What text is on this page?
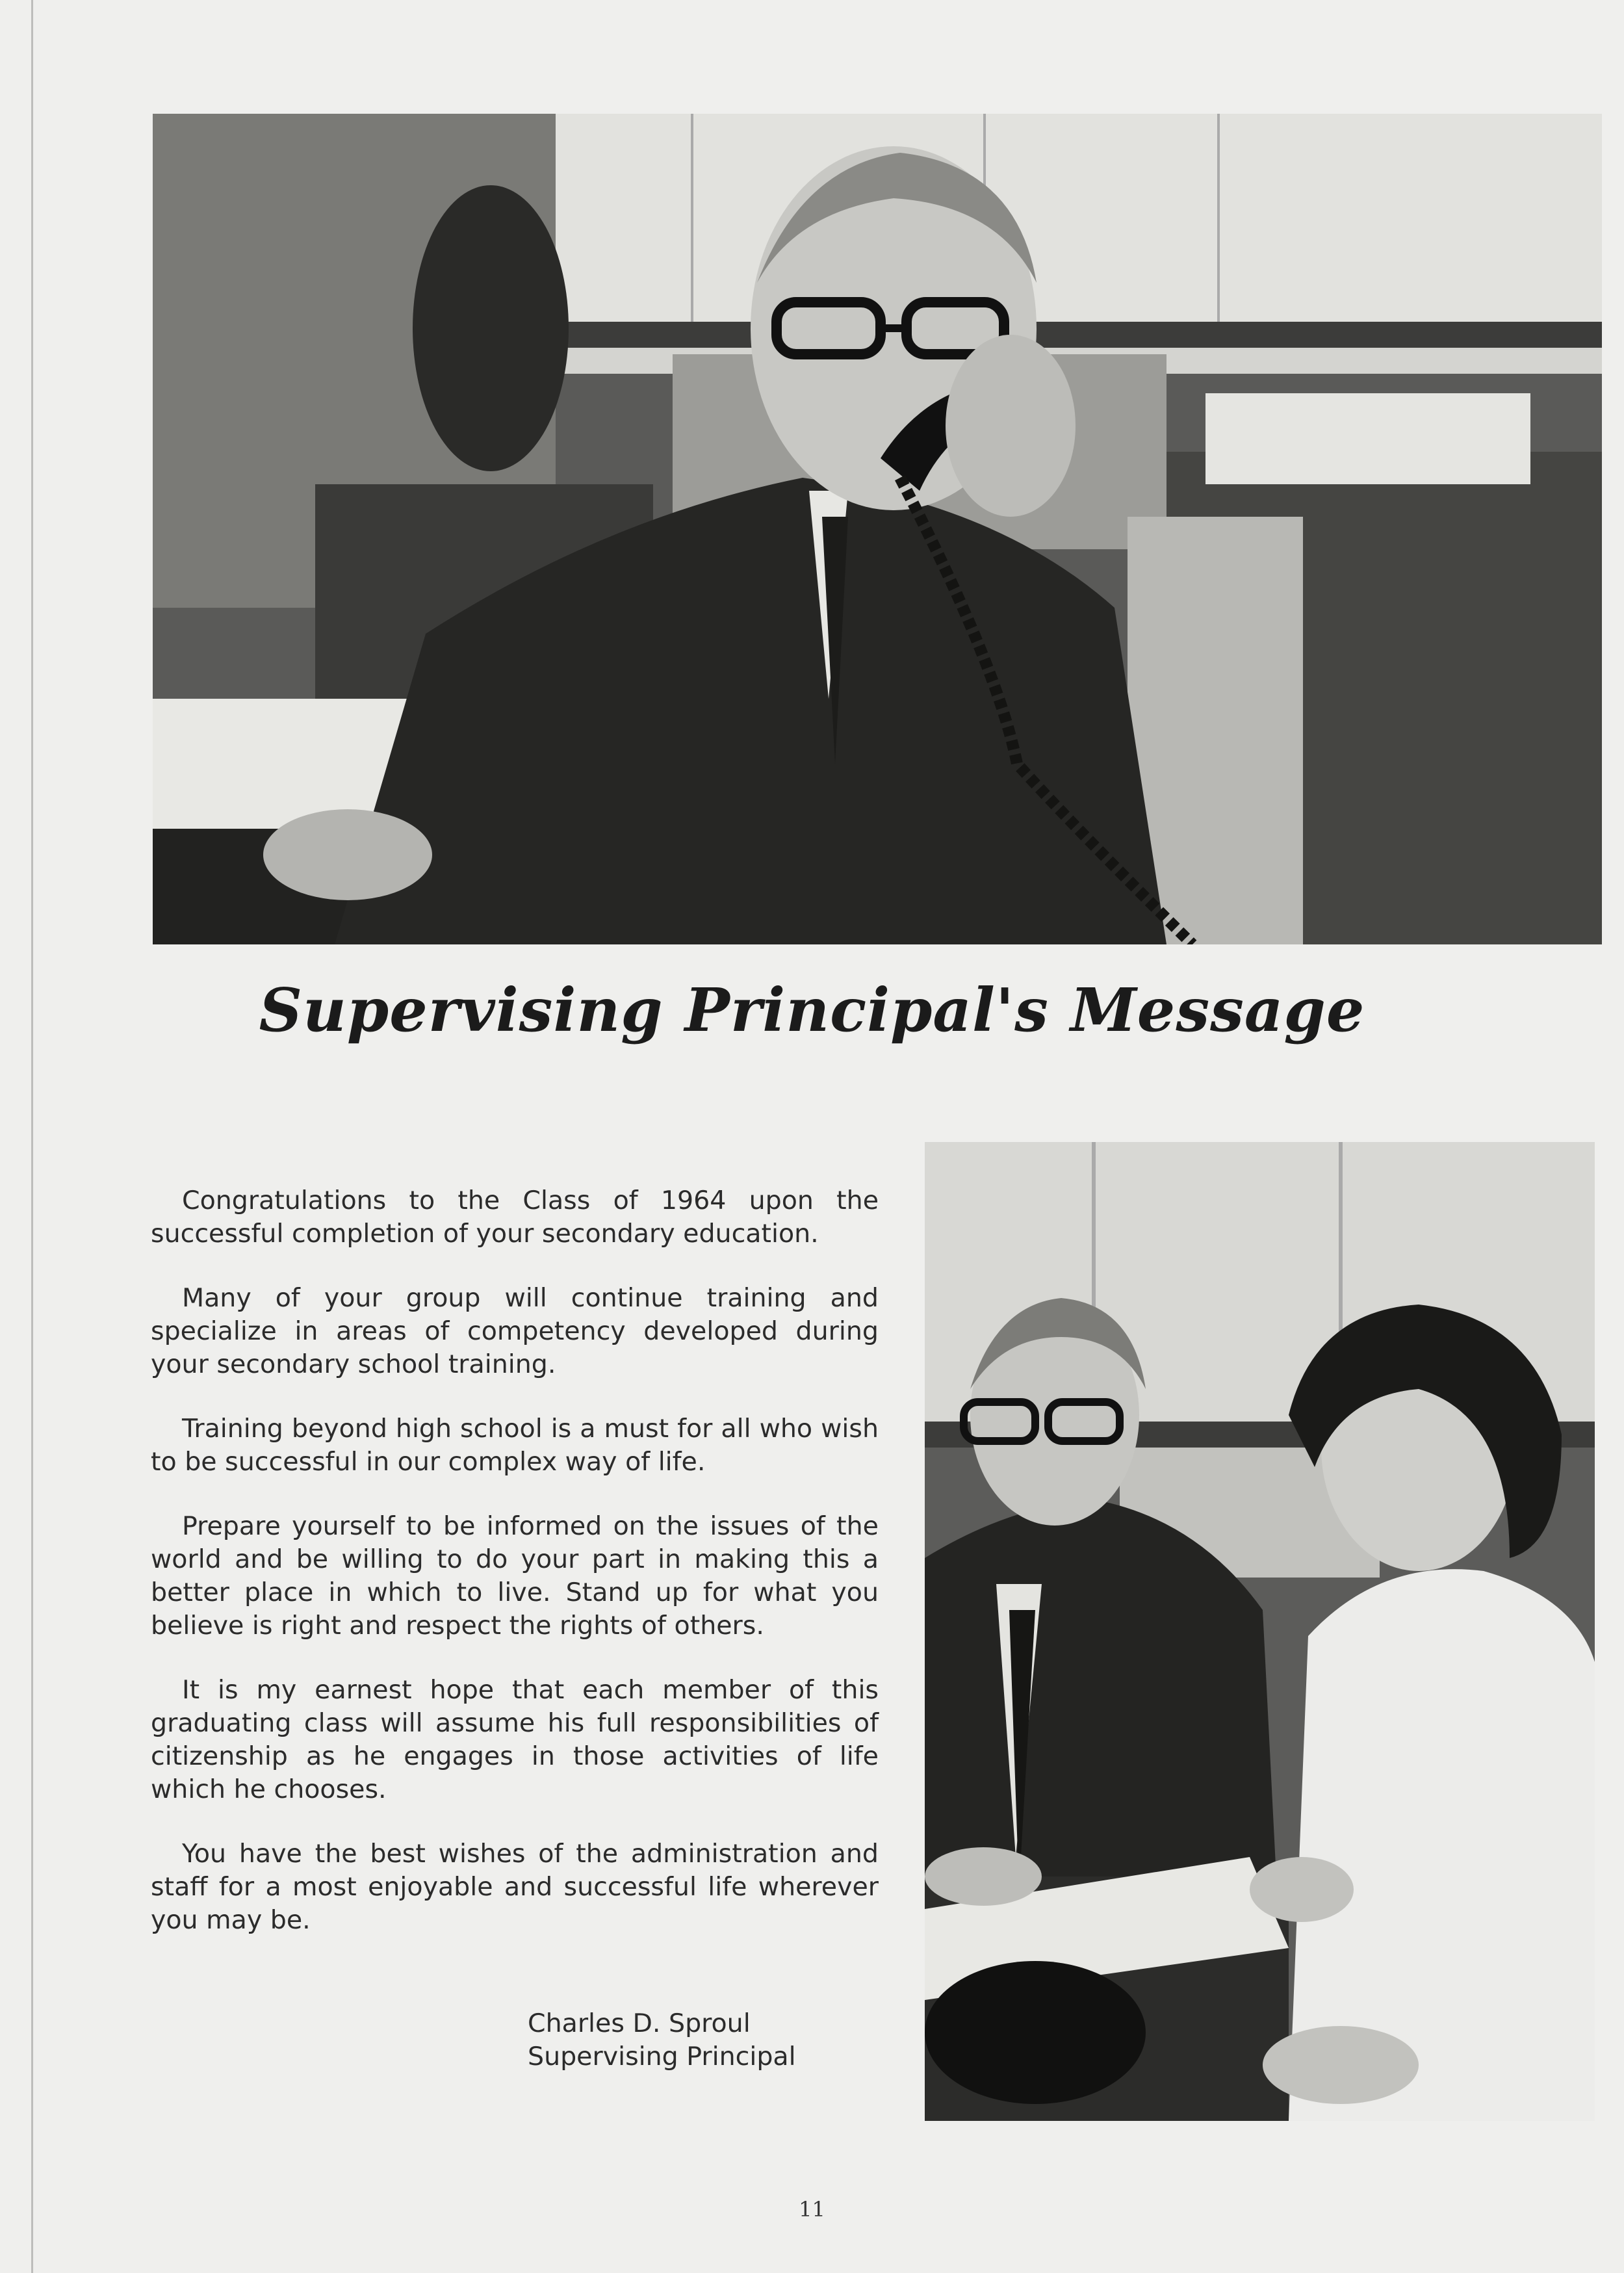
Supervising Principal's Message

Congratulations to the Class of 1964 upon the successful completion of your secondary education.

Many of your group will continue training and specialize in areas of competency developed during your secondary school training.

Training beyond high school is a must for all who wish to be successful in our complex way of life.

Prepare yourself to be informed on the issues of the world and be willing to do your part in making this a better place in which to live. Stand up for what you believe is right and respect the rights of others.

It is my earnest hope that each member of this graduating class will assume his full responsibilities of citizenship as he engages in those activities of life which he chooses.

You have the best wishes of the administration and staff for a most enjoyable and successful life wherever you may be.

Charles D. Sproul
Supervising Principal
11
